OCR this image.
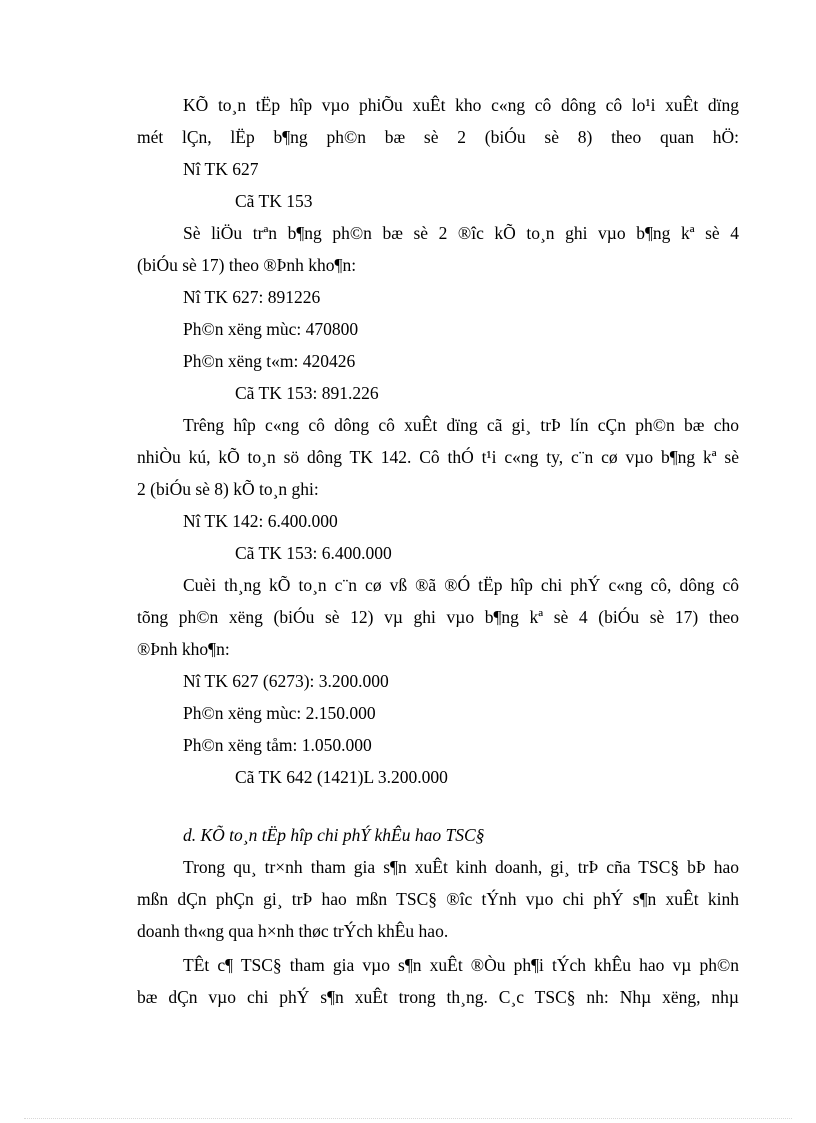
KÕ to¸n tËp hîp vµo phiÕu xuÊt kho c«ng cô dông cô lo¹i xuÊt dïng
mét lÇn, lËp b¶ng ph©n bæ sè 2 (biÓu sè 8) theo quan hÖ:
Nî TK 627
Cã TK 153
Sè liÖu trªn b¶ng ph©n bæ sè 2 ®îc kÕ to¸n ghi vµo b¶ng kª sè 4
(biÓu sè 17) theo ®Þnh kho¶n:
Nî TK 627: 891226
Ph©n xëng mùc: 470800
Ph©n xëng t«m: 420426
Cã TK 153: 891.226
Trêng hîp c«ng cô dông cô xuÊt dïng cã gi¸ trÞ lín cÇn ph©n bæ cho
nhiÒu kú, kÕ to¸n sö dông TK 142. Cô thÓ t¹i c«ng ty, c¨n cø vµo b¶ng kª sè
2 (biÓu sè 8) kÕ to¸n ghi:
Nî TK 142: 6.400.000
Cã TK 153: 6.400.000
Cuèi th¸ng kÕ to¸n c¨n cø vß ®ã ®Ó tËp hîp chi phÝ c«ng cô, dông cô
tõng ph©n xëng (biÓu sè 12) vµ ghi vµo b¶ng kª sè 4 (biÓu sè 17) theo
®Þnh kho¶n:
Nî TK 627 (6273): 3.200.000
Ph©n xëng mùc: 2.150.000
Ph©n xëng tåm: 1.050.000
Cã TK 642 (1421)L 3.200.000
d. KÕ to¸n tËp hîp chi phÝ khÊu hao TSC§
Trong qu¸ tr×nh tham gia s¶n xuÊt kinh doanh, gi¸ trÞ cña TSC§ bÞ hao
mßn dÇn phÇn gi¸ trÞ hao mßn TSC§ ®îc tÝnh vµo chi phÝ s¶n xuÊt kinh
doanh th«ng qua h×nh thøc trÝch khÊu hao.
TÊt c¶ TSC§ tham gia vµo s¶n xuÊt ®Òu ph¶i tÝch khÊu hao vµ ph©n
bæ dÇn vµo chi phÝ s¶n xuÊt trong th¸ng. C¸c TSC§ nh: Nhµ xëng, nhµ
